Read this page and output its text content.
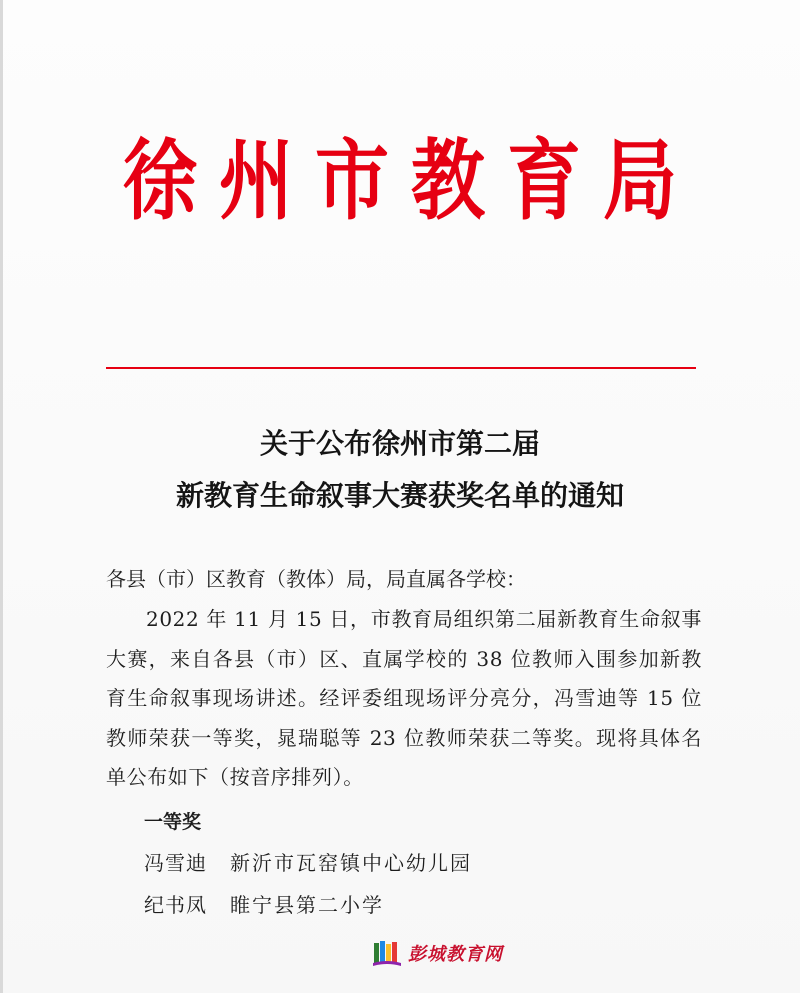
徐 州 市 教 育 局
关于公布徐州市第二届
新教育生命叙事大赛获奖名单的通知

各县（市）区教育（教体）局，局直属各学校：

2022 年 11 月 15 日，市教育局组织第二届新教育生命叙事大赛，来自各县（市）区、直属学校的 38 位教师入围参加新教育生命叙事现场讲述。经评委组现场评分亮分，冯雪迪等 15 位教师荣获一等奖，晁瑞聪等 23 位教师荣获二等奖。现将具体名单公布如下（按音序排列）。

一等奖

冯雪迪 新沂市瓦窑镇中心幼儿园

纪书凤 睢宁县第二小学

彭城教育网
